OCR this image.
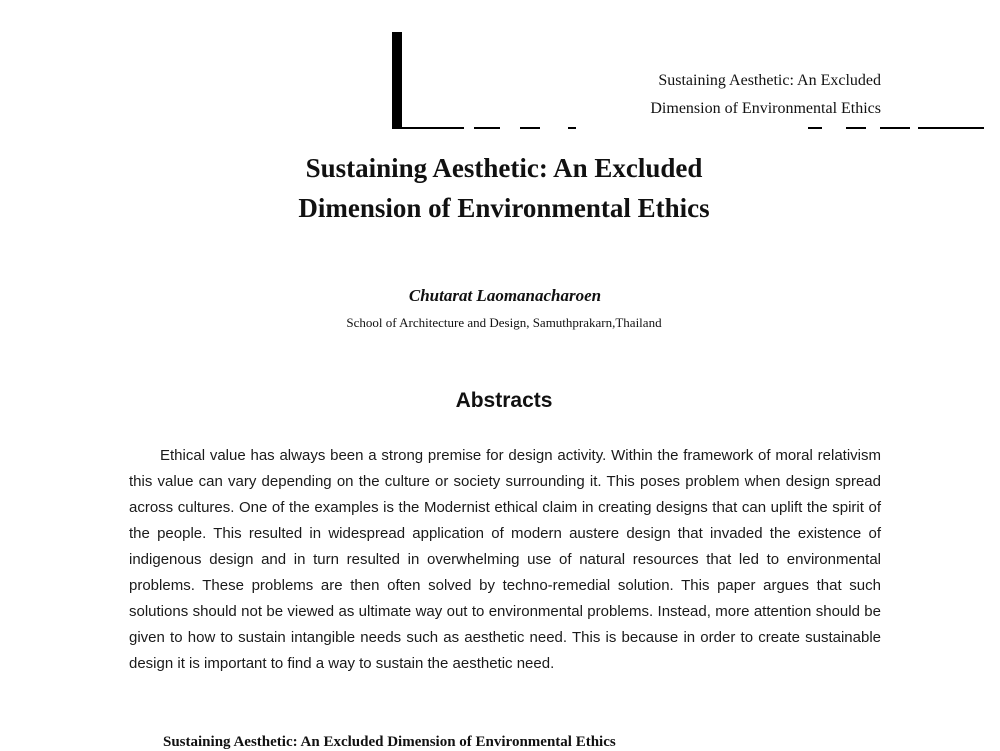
Sustaining Aesthetic: An Excluded
Dimension of Environmental Ethics
Sustaining Aesthetic: An Excluded
Dimension of Environmental Ethics
Chutarat Laomanacharoen
School of Architecture and Design, Samuthprakarn,Thailand
Abstracts

Ethical value has always been a strong premise for design activity. Within the framework of moral relativism this value can vary depending on the culture or society surrounding it. This poses problem when design spread across cultures. One of the examples is the Modernist ethical claim in creating designs that can uplift the spirit of the people. This resulted in widespread application of modern austere design that invaded the existence of indigenous design and in turn resulted in overwhelming use of natural resources that led to environmental problems. These problems are then often solved by techno-remedial solution. This paper argues that such solutions should not be viewed as ultimate way out to environmental problems. Instead, more attention should be given to how to sustain intangible needs such as aesthetic need. This is because in order to create sustainable design it is important to find a way to sustain the aesthetic need.

Sustaining Aesthetic: An Excluded Dimension of Environmental Ethics
